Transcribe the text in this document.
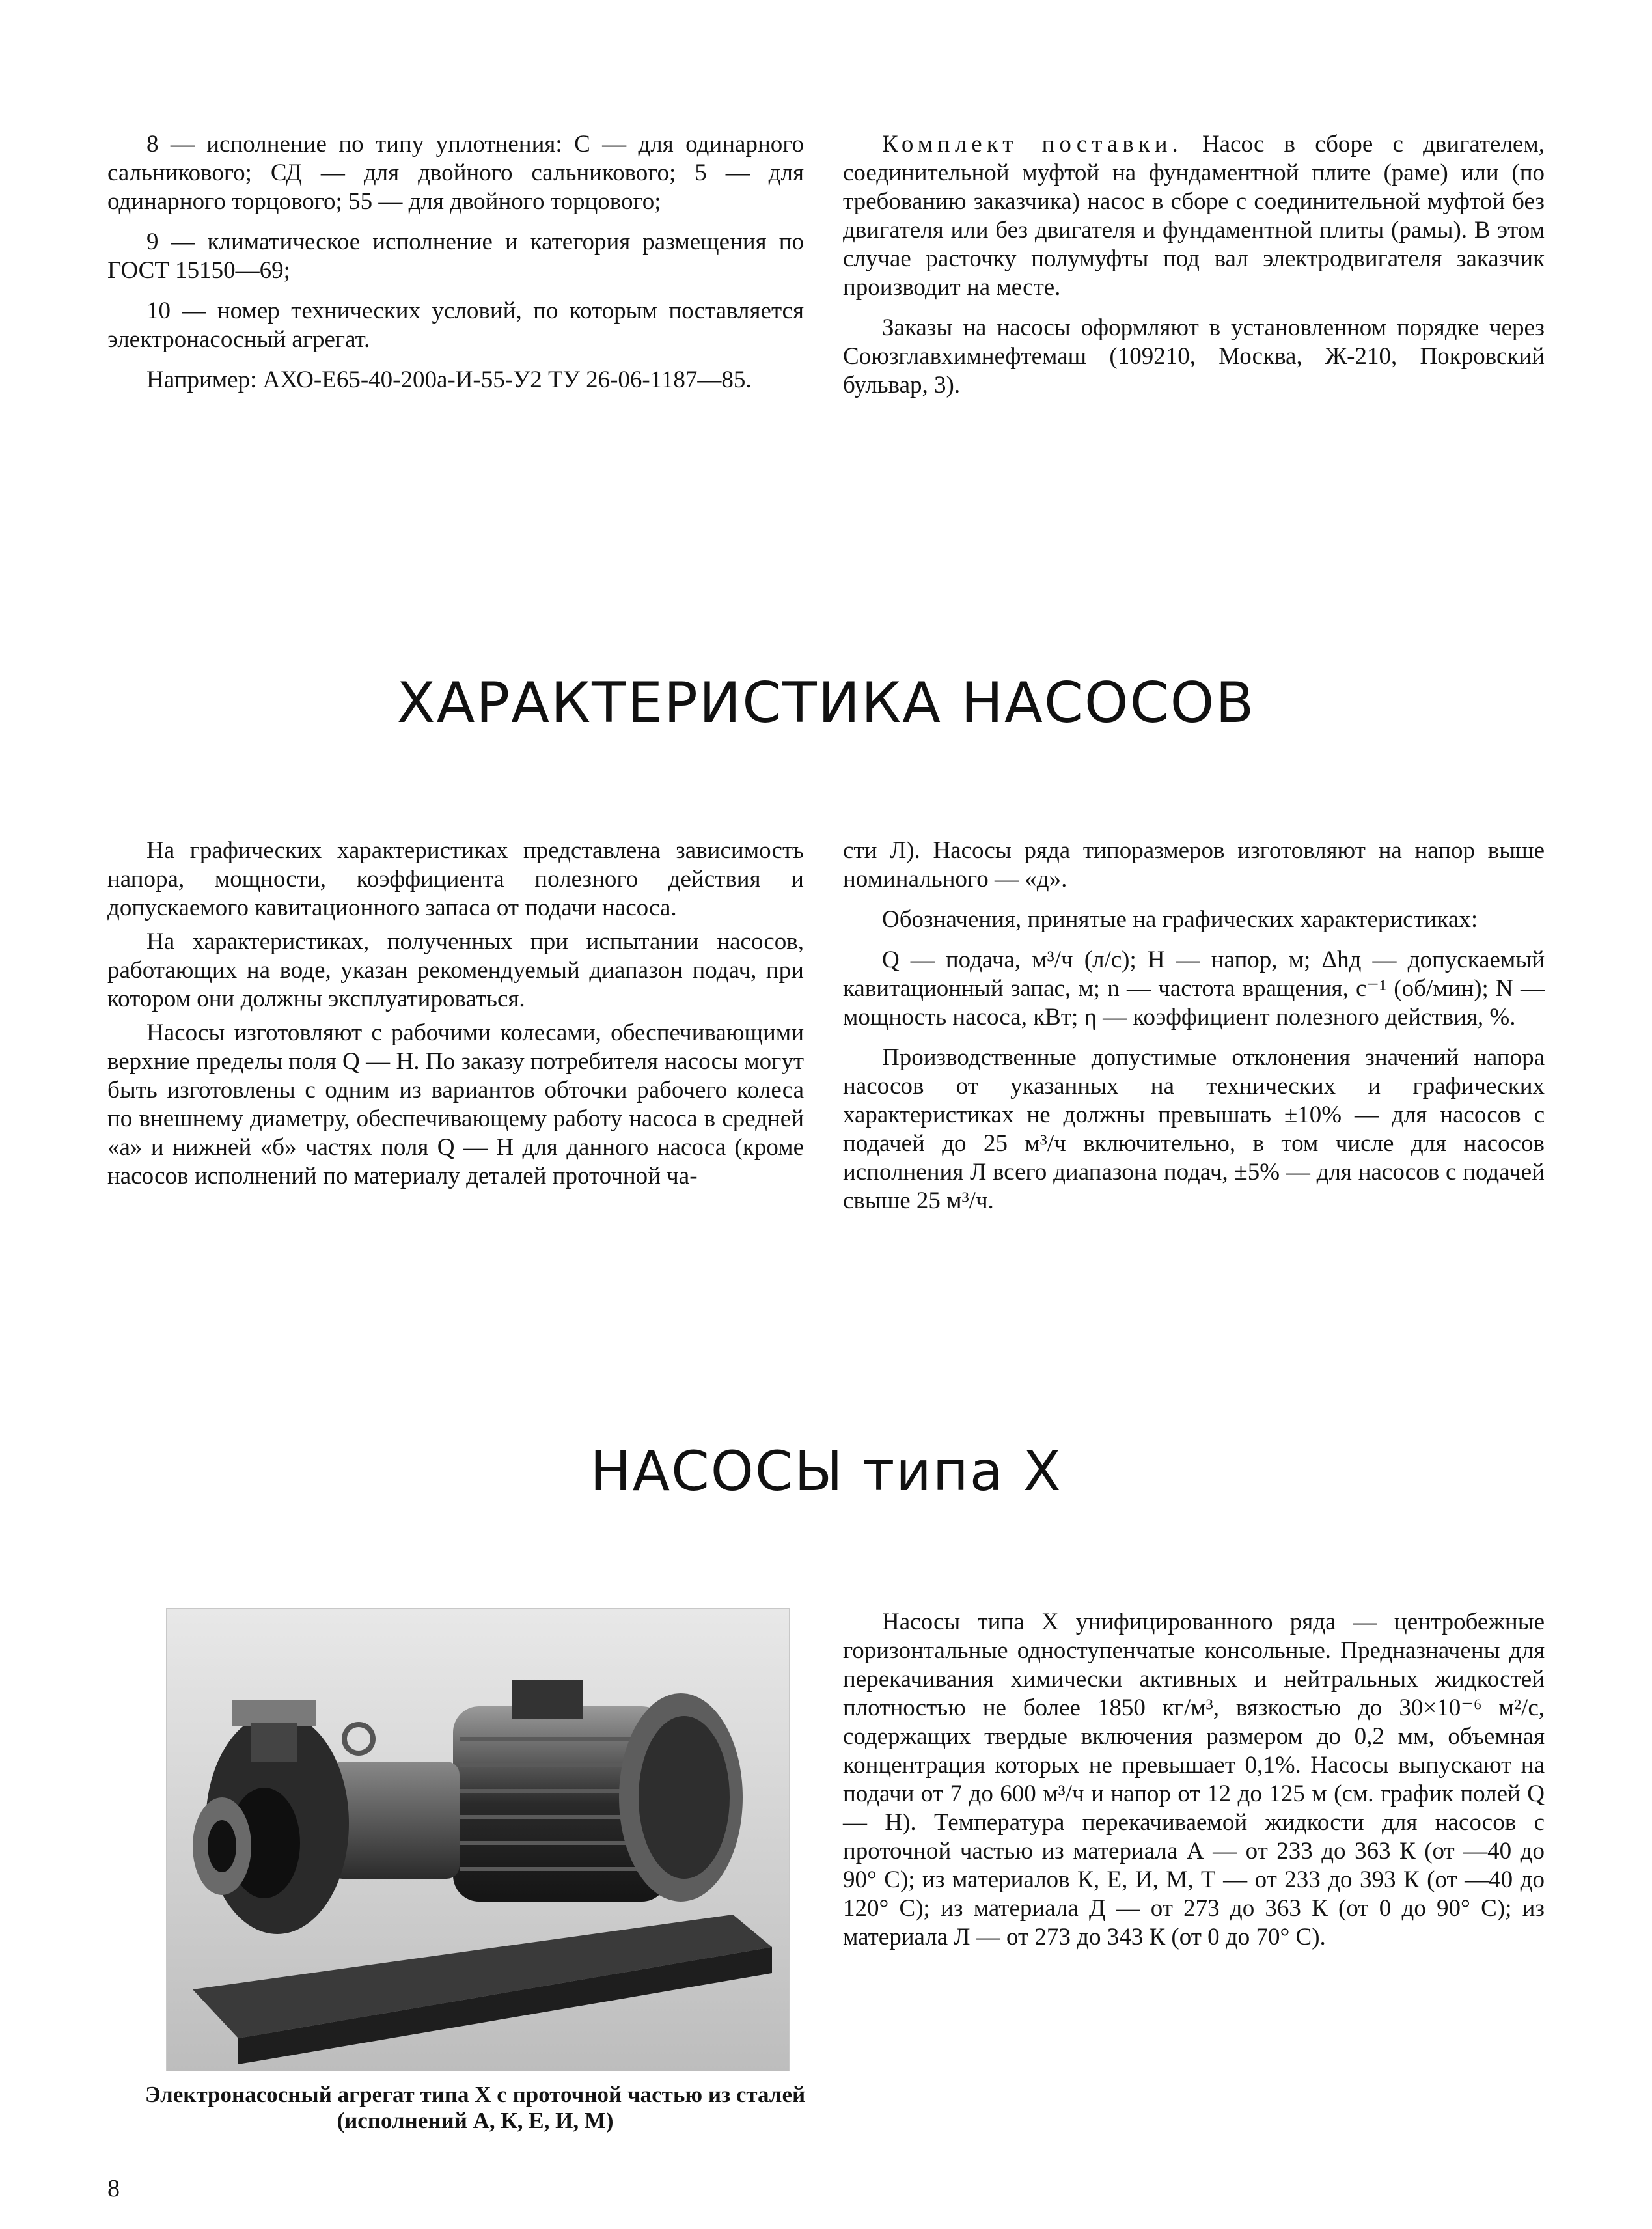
8 — исполнение по типу уплотнения: С — для одинарного сальникового; СД — для двойного сальникового; 5 — для одинарного торцового; 55 — для двойного торцового;

9 — климатическое исполнение и категория размещения по ГОСТ 15150—69;

10 — номер технических условий, по которым поставляется электронасосный агрегат.

Например: АХО-Е65-40-200а-И-55-У2 ТУ 26-06-1187—85.

Комплект поставки. Насос в сборе с двигателем, соединительной муфтой на фундаментной плите (раме) или (по требованию заказчика) насос в сборе с соединительной муфтой без двигателя или без двигателя и фундаментной плиты (рамы). В этом случае расточку полумуфты под вал электродвигателя заказчик производит на месте.

Заказы на насосы оформляют в установленном порядке через Союзглавхимнефтемаш (109210, Москва, Ж-210, Покровский бульвар, 3).

ХАРАКТЕРИСТИКА НАСОСОВ

На графических характеристиках представлена зависимость напора, мощности, коэффициента полезного действия и допускаемого кавитационного запаса от подачи насоса.

На характеристиках, полученных при испытании насосов, работающих на воде, указан рекомендуемый диапазон подач, при котором они должны эксплуатироваться.

Насосы изготовляют с рабочими колесами, обеспечивающими верхние пределы поля Q — H. По заказу потребителя насосы могут быть изготовлены с одним из вариантов обточки рабочего колеса по внешнему диаметру, обеспечивающему работу насоса в средней «а» и нижней «б» частях поля Q — H для данного насоса (кроме насосов исполнений по материалу деталей проточной ча-

сти Л). Насосы ряда типоразмеров изготовляют на напор выше номинального — «д».

Обозначения, принятые на графических характеристиках:

Q — подача, м³/ч (л/с); H — напор, м; Δhд — допускаемый кавитационный запас, м; n — частота вращения, с⁻¹ (об/мин); N — мощность насоса, кВт; η — коэффициент полезного действия, %.

Производственные допустимые отклонения значений напора насосов от указанных на технических и графических характеристиках не должны превышать ±10% — для насосов с подачей до 25 м³/ч включительно, в том числе для насосов исполнения Л всего диапазона подач, ±5% — для насосов с подачей свыше 25 м³/ч.

НАСОСЫ типа Х
Электронасосный агрегат типа Х с проточной частью из сталей (исполнений А, К, Е, И, М)

Насосы типа Х унифицированного ряда — центробежные горизонтальные одноступенчатые консольные. Предназначены для перекачивания химически активных и нейтральных жидкостей плотностью не более 1850 кг/м³, вязкостью до 30×10⁻⁶ м²/с, содержащих твердые включения размером до 0,2 мм, объемная концентрация которых не превышает 0,1%. Насосы выпускают на подачи от 7 до 600 м³/ч и напор от 12 до 125 м (см. график полей Q — H). Температура перекачиваемой жидкости для насосов с проточной частью из материала А — от 233 до 363 К (от —40 до 90° С); из материалов К, Е, И, М, Т — от 233 до 393 К (от —40 до 120° С); из материала Д — от 273 до 363 К (от 0 до 90° С); из материала Л — от 273 до 343 К (от 0 до 70° С).

8
